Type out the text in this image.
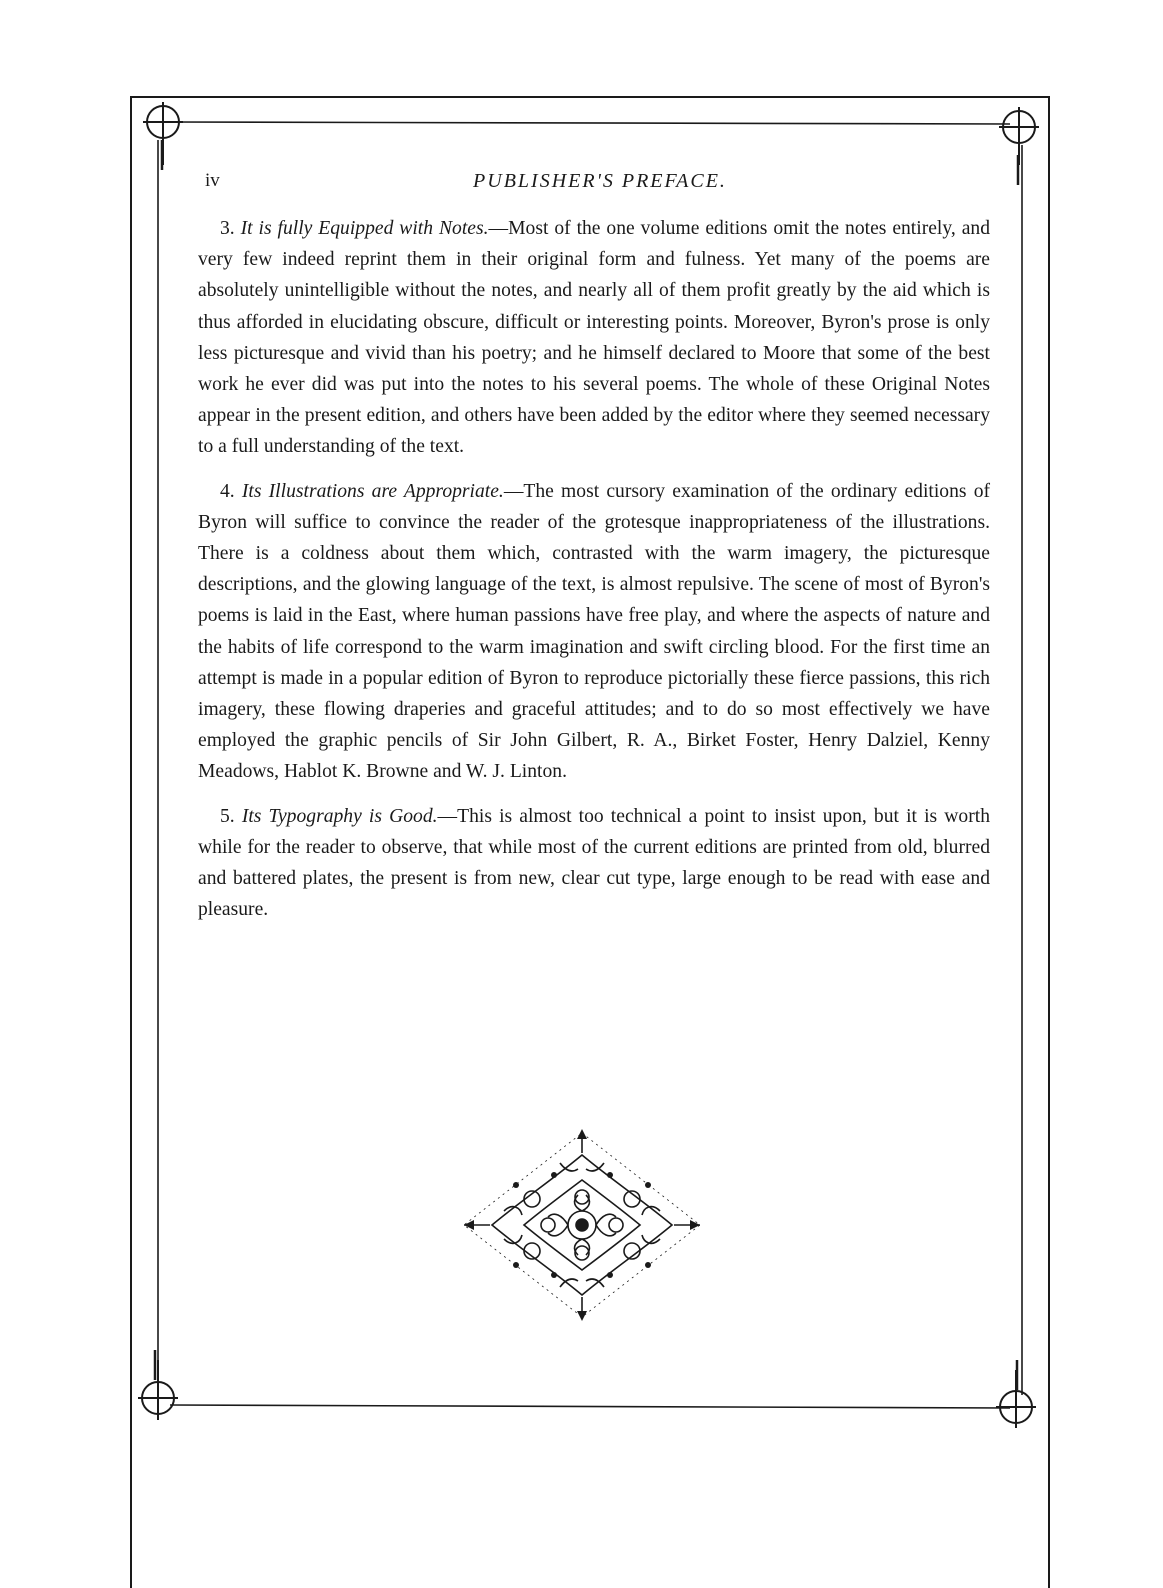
iv	PUBLISHER'S PREFACE.

3. It is fully Equipped with Notes.—Most of the one volume editions omit the notes entirely, and very few indeed reprint them in their original form and fulness. Yet many of the poems are absolutely unintelligible without the notes, and nearly all of them profit greatly by the aid which is thus afforded in elucidating obscure, difficult or interesting points. Moreover, Byron's prose is only less picturesque and vivid than his poetry; and he himself declared to Moore that some of the best work he ever did was put into the notes to his several poems. The whole of these Original Notes appear in the present edition, and others have been added by the editor where they seemed necessary to a full understanding of the text.

4. Its Illustrations are Appropriate.—The most cursory examination of the ordinary editions of Byron will suffice to convince the reader of the grotesque inappropriateness of the illustrations. There is a coldness about them which, contrasted with the warm imagery, the picturesque descriptions, and the glowing language of the text, is almost repulsive. The scene of most of Byron's poems is laid in the East, where human passions have free play, and where the aspects of nature and the habits of life correspond to the warm imagination and swift circling blood. For the first time an attempt is made in a popular edition of Byron to reproduce pictorially these fierce passions, this rich imagery, these flowing draperies and graceful attitudes; and to do so most effectively we have employed the graphic pencils of Sir John Gilbert, R. A., Birket Foster, Henry Dalziel, Kenny Meadows, Hablot K. Browne and W. J. Linton.

5. Its Typography is Good.—This is almost too technical a point to insist upon, but it is worth while for the reader to observe, that while most of the current editions are printed from old, blurred and battered plates, the present is from new, clear cut type, large enough to be read with ease and pleasure.
